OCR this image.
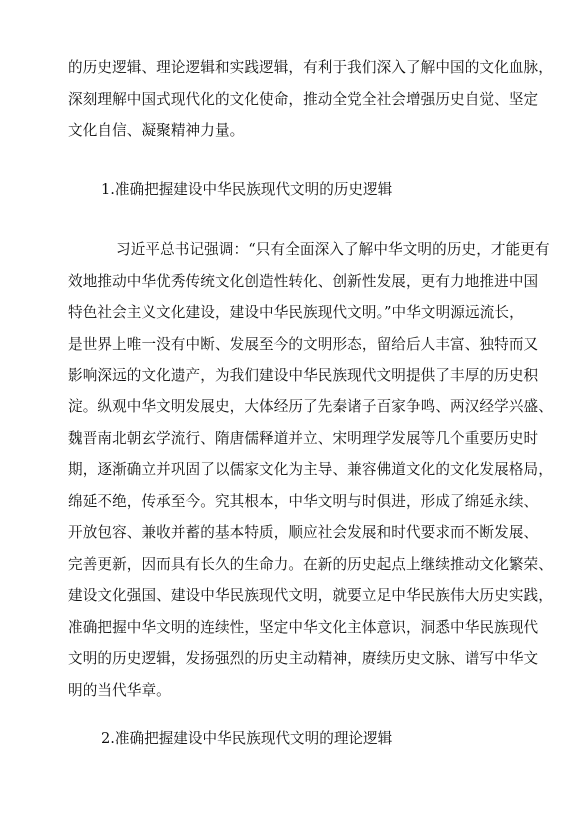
的历史逻辑、理论逻辑和实践逻辑，有利于我们深入了解中国的文化血脉，
深刻理解中国式现代化的文化使命，推动全党全社会增强历史自觉、坚定
文化自信、凝聚精神力量。
1.准确把握建设中华民族现代文明的历史逻辑
习近平总书记强调：“只有全面深入了解中华文明的历史，才能更有
效地推动中华优秀传统文化创造性转化、创新性发展，更有力地推进中国
特色社会主义文化建设，建设中华民族现代文明。”中华文明源远流长，
是世界上唯一没有中断、发展至今的文明形态，留给后人丰富、独特而又
影响深远的文化遗产，为我们建设中华民族现代文明提供了丰厚的历史积
淀。纵观中华文明发展史，大体经历了先秦诸子百家争鸣、两汉经学兴盛、
魏晋南北朝玄学流行、隋唐儒释道并立、宋明理学发展等几个重要历史时
期，逐渐确立并巩固了以儒家文化为主导、兼容佛道文化的文化发展格局，
绵延不绝，传承至今。究其根本，中华文明与时俱进，形成了绵延永续、
开放包容、兼收并蓄的基本特质，顺应社会发展和时代要求而不断发展、
完善更新，因而具有长久的生命力。在新的历史起点上继续推动文化繁荣、
建设文化强国、建设中华民族现代文明，就要立足中华民族伟大历史实践，
准确把握中华文明的连续性，坚定中华文化主体意识，洞悉中华民族现代
文明的历史逻辑，发扬强烈的历史主动精神，赓续历史文脉、谱写中华文
明的当代华章。
2.准确把握建设中华民族现代文明的理论逻辑
